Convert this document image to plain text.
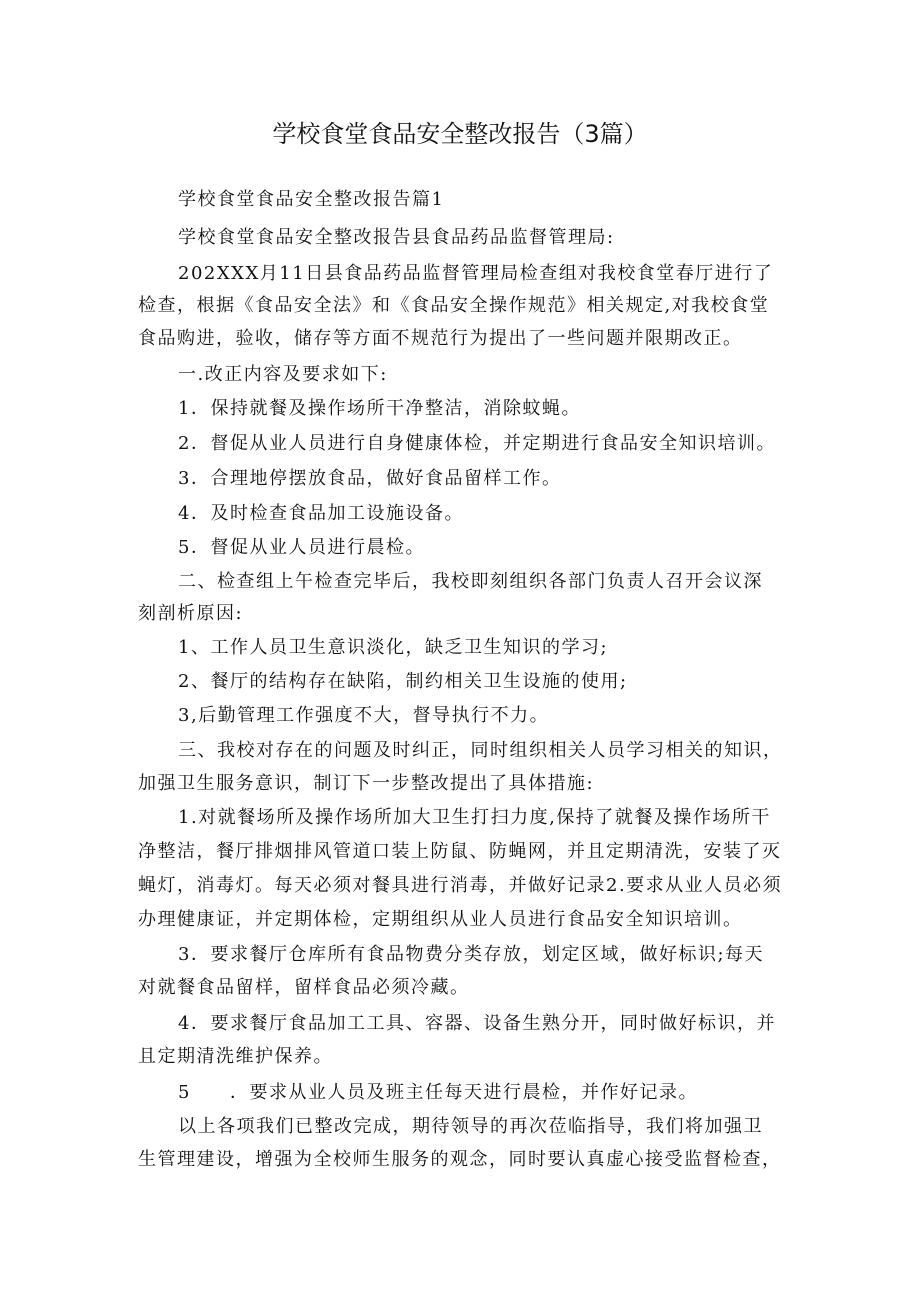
学校食堂食品安全整改报告（3篇）
学校食堂食品安全整改报告篇1
学校食堂食品安全整改报告县食品药品监督管理局:
202XXX月11日县食品药品监督管理局检查组对我校食堂春厅进行了
检查，根据《食品安全法》和《食品安全操作规范》相关规定,对我校食堂
食品购进，验收，储存等方面不规范行为提出了一些问题并限期改正。
一.改正内容及要求如下:
1．保持就餐及操作场所干净整洁，消除蚊蝇。
2．督促从业人员进行自身健康体检，并定期进行食品安全知识培训。
3．合理地停摆放食品，做好食品留样工作。
4．及时检查食品加工设施设备。
5．督促从业人员进行晨检。
二、检查组上午检查完毕后，我校即刻组织各部门负责人召开会议深
刻剖析原因:
1、工作人员卫生意识淡化，缺乏卫生知识的学习;
2、餐厅的结构存在缺陷，制约相关卫生设施的使用;
3,后勤管理工作强度不大，督导执行不力。
三、我校对存在的问题及时纠正，同时组织相关人员学习相关的知识，
加强卫生服务意识，制订下一步整改提出了具体措施:
1.对就餐场所及操作场所加大卫生打扫力度,保持了就餐及操作场所干
净整洁，餐厅排烟排风管道口装上防鼠、防蝇网，并且定期清洗，安装了灭
蝇灯，消毒灯。每天必须对餐具进行消毒，并做好记录2.要求从业人员必须
办理健康证，并定期体检，定期组织从业人员进行食品安全知识培训。
3．要求餐厅仓库所有食品物费分类存放，划定区域，做好标识;每天
对就餐食品留样，留样食品必须冷藏。
4．要求餐厅食品加工工具、容器、设备生熟分开，同时做好标识，并
且定期清洗维护保养。
5　　．要求从业人员及班主任每天进行晨检，并作好记录。
以上各项我们已整改完成，期待领导的再次莅临指导，我们将加强卫
生管理建设，增强为全校师生服务的观念，同时要认真虚心接受监督检查，
